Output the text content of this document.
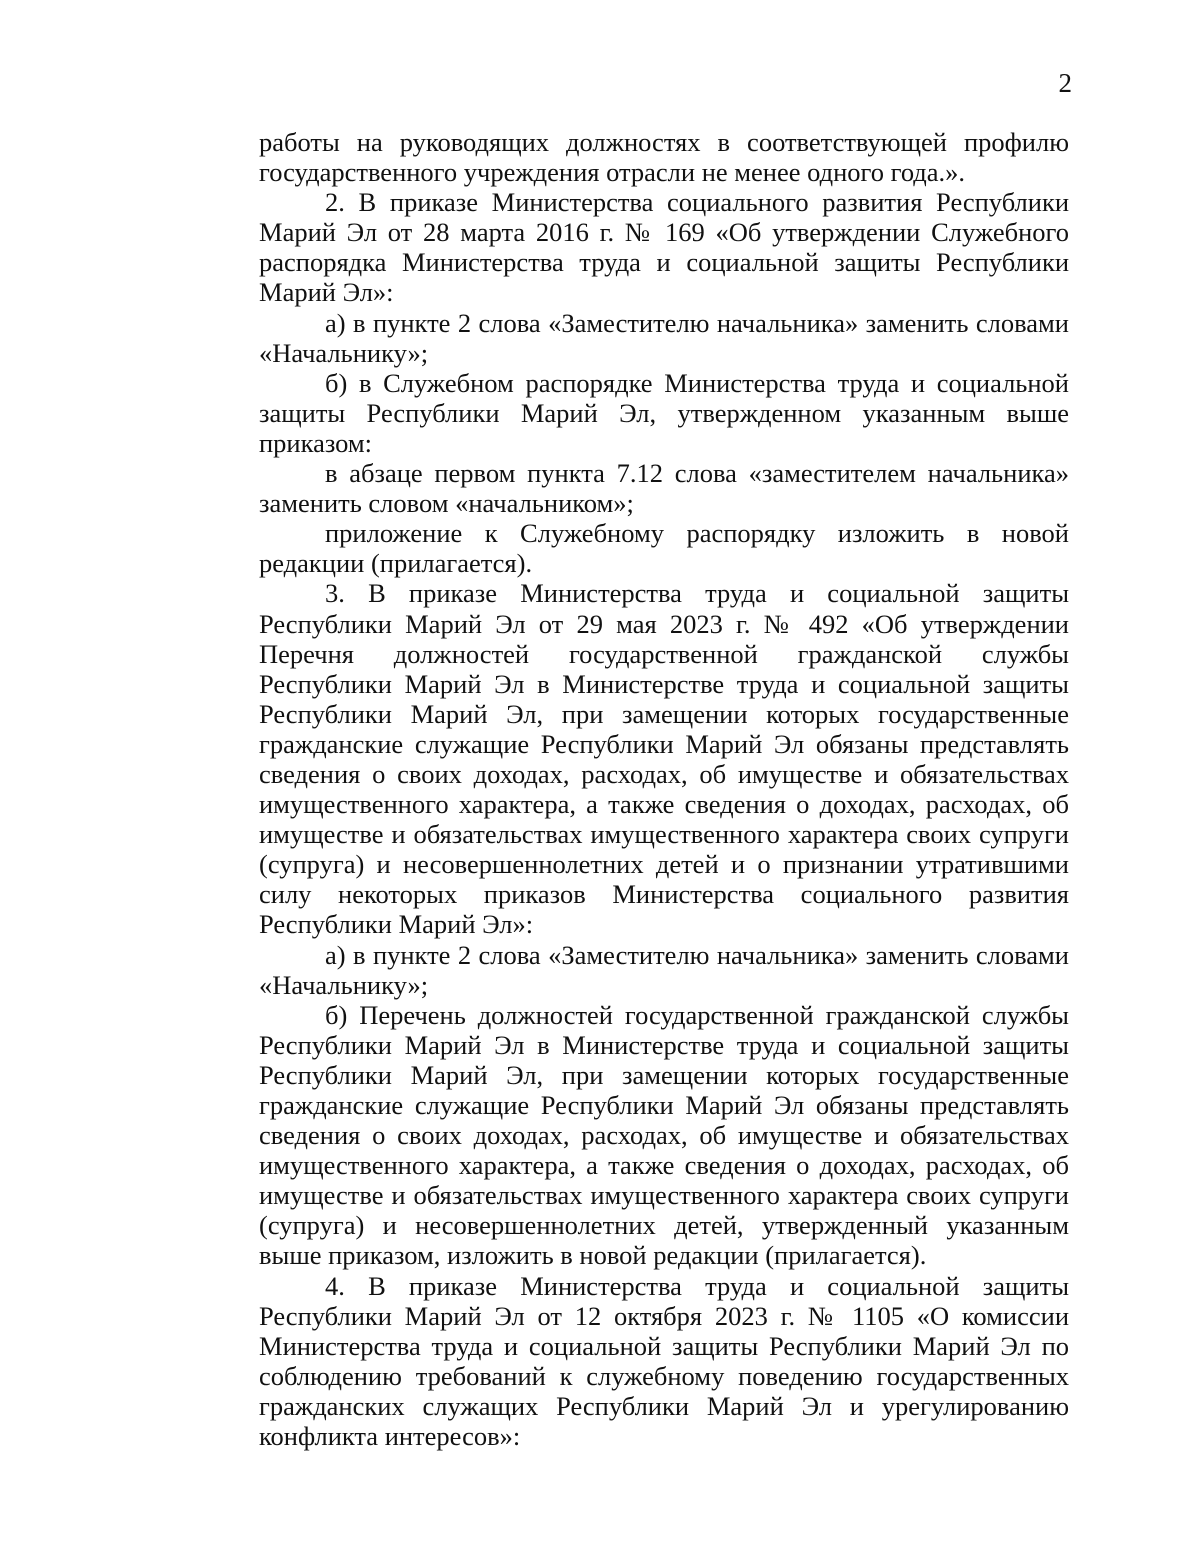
2

работы на руководящих должностях в соответствующей профилю государственного учреждения отрасли не менее одного года.».

2. В приказе Министерства социального развития Республики Марий Эл от 28 марта 2016 г. № 169 «Об утверждении Служебного распорядка Министерства труда и социальной защиты Республики Марий Эл»:

а) в пункте 2 слова «Заместителю начальника» заменить словами «Начальнику»;

б) в Служебном распорядке Министерства труда и социальной защиты Республики Марий Эл, утвержденном указанным выше приказом:

в абзаце первом пункта 7.12 слова «заместителем начальника» заменить словом «начальником»;

приложение к Служебному распорядку изложить в новой редакции (прилагается).

3. В приказе Министерства труда и социальной защиты Республики Марий Эл от 29 мая 2023 г. № 492 «Об утверждении Перечня должностей государственной гражданской службы Республики Марий Эл в Министерстве труда и социальной защиты Республики Марий Эл, при замещении которых государственные гражданские служащие Республики Марий Эл обязаны представлять сведения о своих доходах, расходах, об имуществе и обязательствах имущественного характера, а также сведения о доходах, расходах, об имуществе и обязательствах имущественного характера своих супруги (супруга) и несовершеннолетних детей и о признании утратившими силу некоторых приказов Министерства социального развития Республики Марий Эл»:

а) в пункте 2 слова «Заместителю начальника» заменить словами «Начальнику»;

б) Перечень должностей государственной гражданской службы Республики Марий Эл в Министерстве труда и социальной защиты Республики Марий Эл, при замещении которых государственные гражданские служащие Республики Марий Эл обязаны представлять сведения о своих доходах, расходах, об имуществе и обязательствах имущественного характера, а также сведения о доходах, расходах, об имуществе и обязательствах имущественного характера своих супруги (супруга) и несовершеннолетних детей, утвержденный указанным выше приказом, изложить в новой редакции (прилагается).

4. В приказе Министерства труда и социальной защиты Республики Марий Эл от 12 октября 2023 г. № 1105 «О комиссии Министерства труда и социальной защиты Республики Марий Эл по соблюдению требований к служебному поведению государственных гражданских служащих Республики Марий Эл и урегулированию конфликта интересов»:
